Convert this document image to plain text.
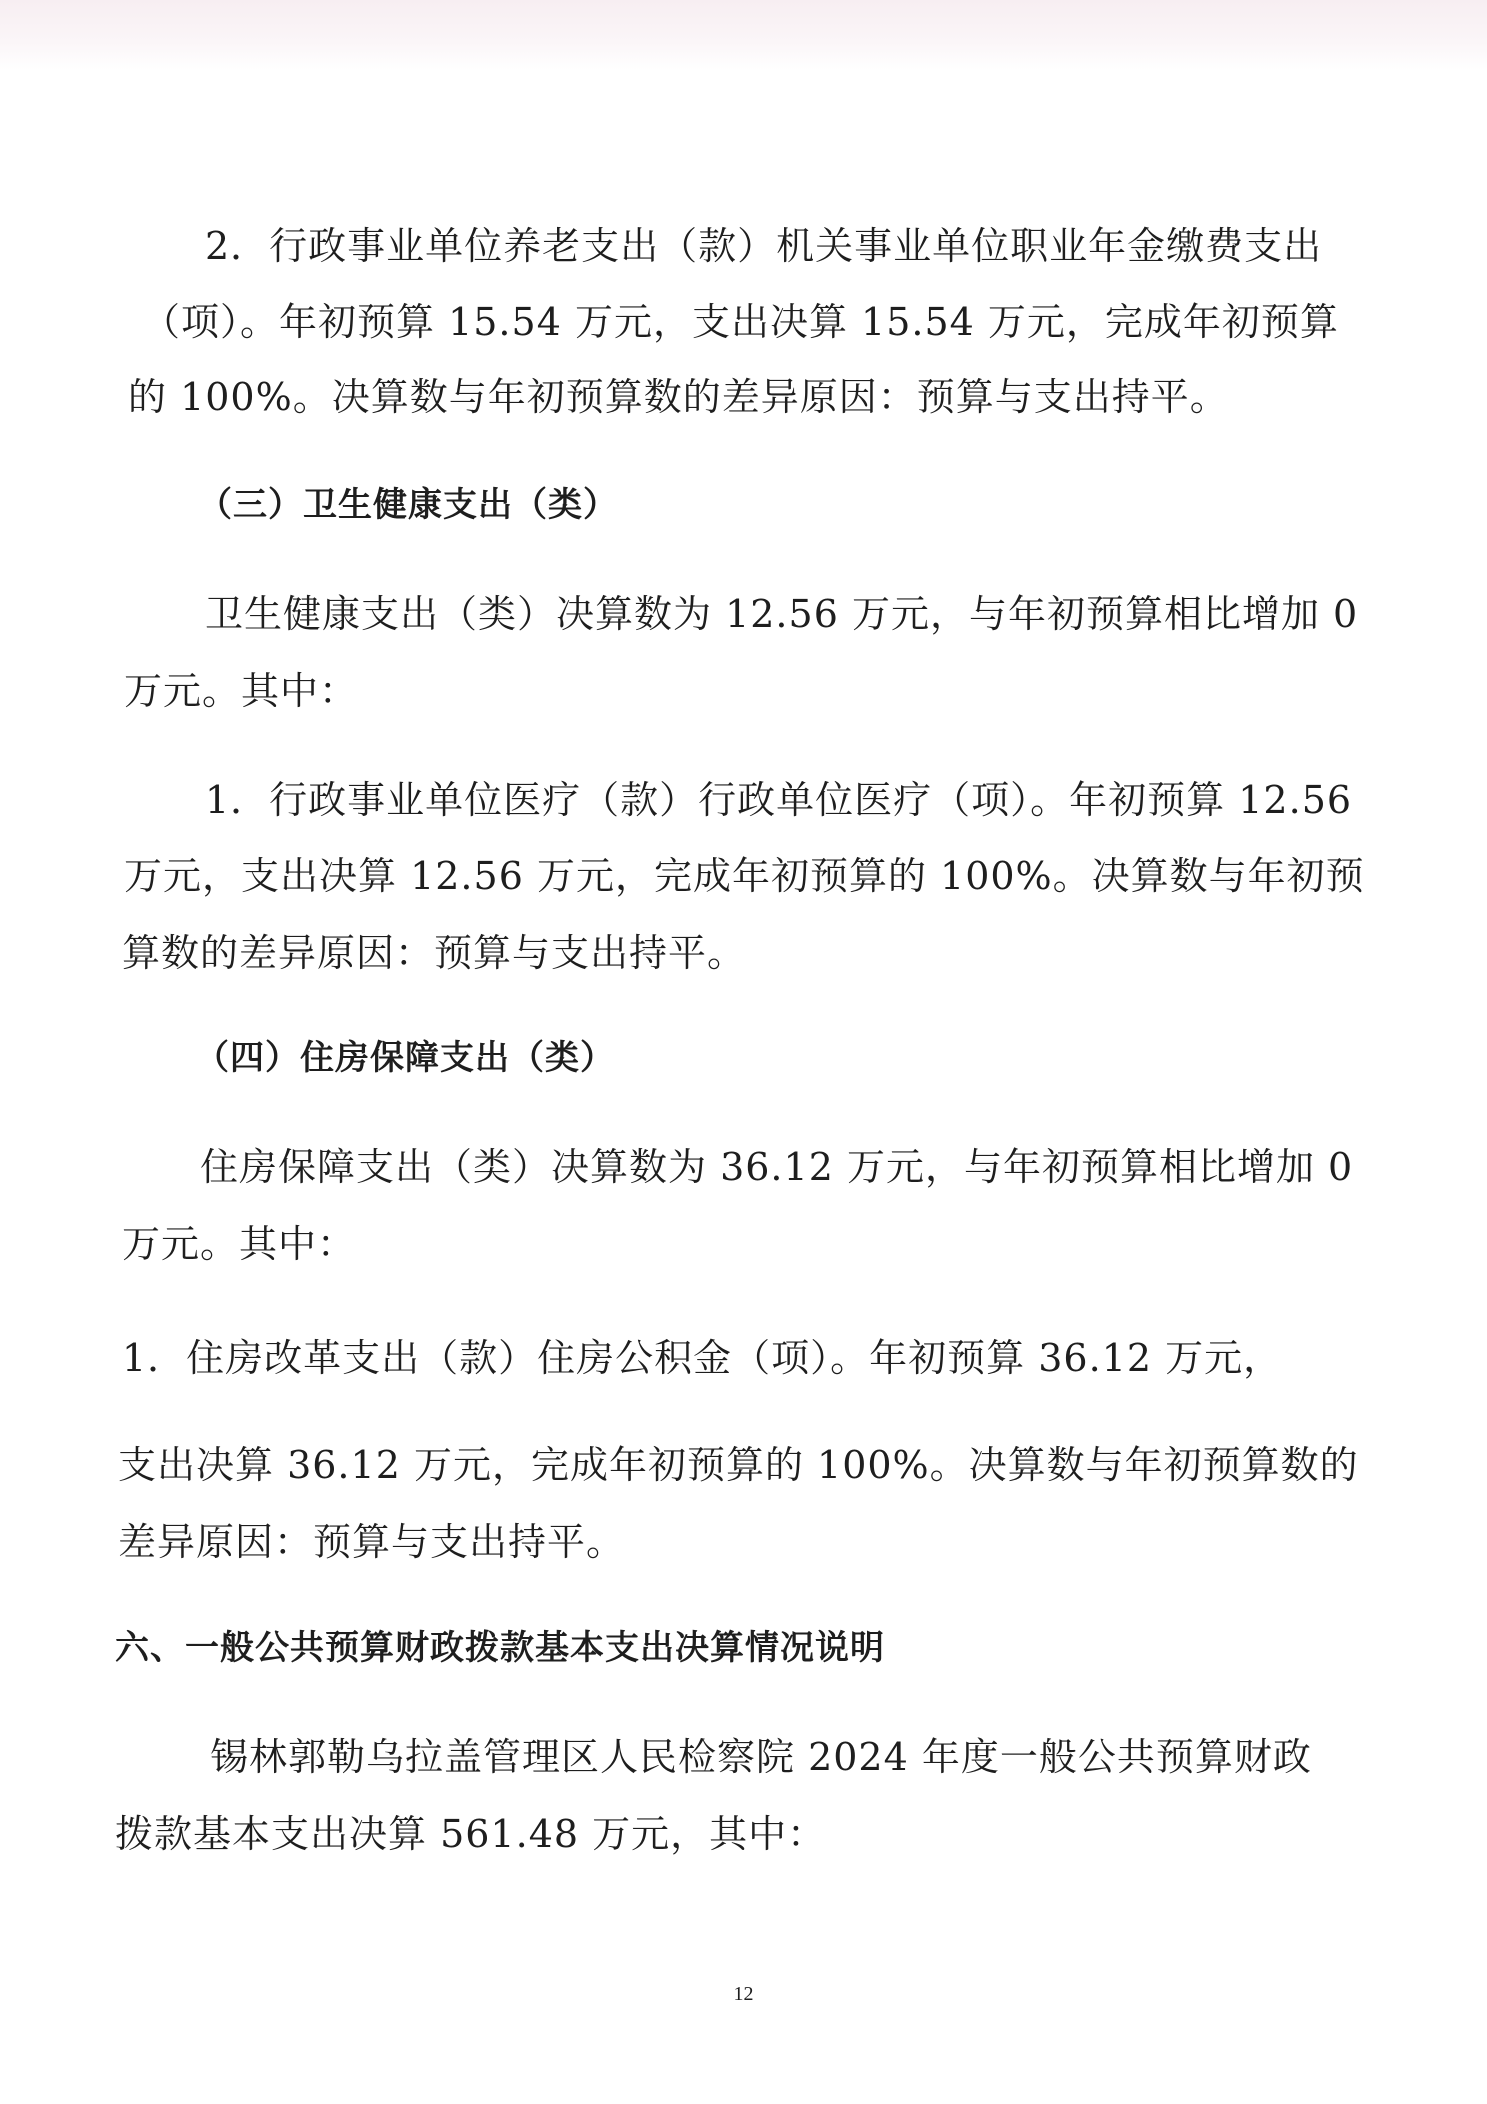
2．行政事业单位养老支出（款）机关事业单位职业年金缴费支出
（项）。年初预算 15.54 万元，支出决算 15.54 万元，完成年初预算
的 100%。决算数与年初预算数的差异原因：预算与支出持平。
（三）卫生健康支出（类）
卫生健康支出（类）决算数为 12.56 万元，与年初预算相比增加 0
万元。其中：
1．行政事业单位医疗（款）行政单位医疗（项）。年初预算 12.56
万元，支出决算 12.56 万元，完成年初预算的 100%。决算数与年初预
算数的差异原因：预算与支出持平。
（四）住房保障支出（类）
住房保障支出（类）决算数为 36.12 万元，与年初预算相比增加 0
万元。其中：
1．住房改革支出（款）住房公积金（项）。年初预算 36.12 万元，
支出决算 36.12 万元，完成年初预算的 100%。决算数与年初预算数的
差异原因：预算与支出持平。
六、一般公共预算财政拨款基本支出决算情况说明
锡林郭勒乌拉盖管理区人民检察院 2024 年度一般公共预算财政
拨款基本支出决算 561.48 万元，其中：
12
